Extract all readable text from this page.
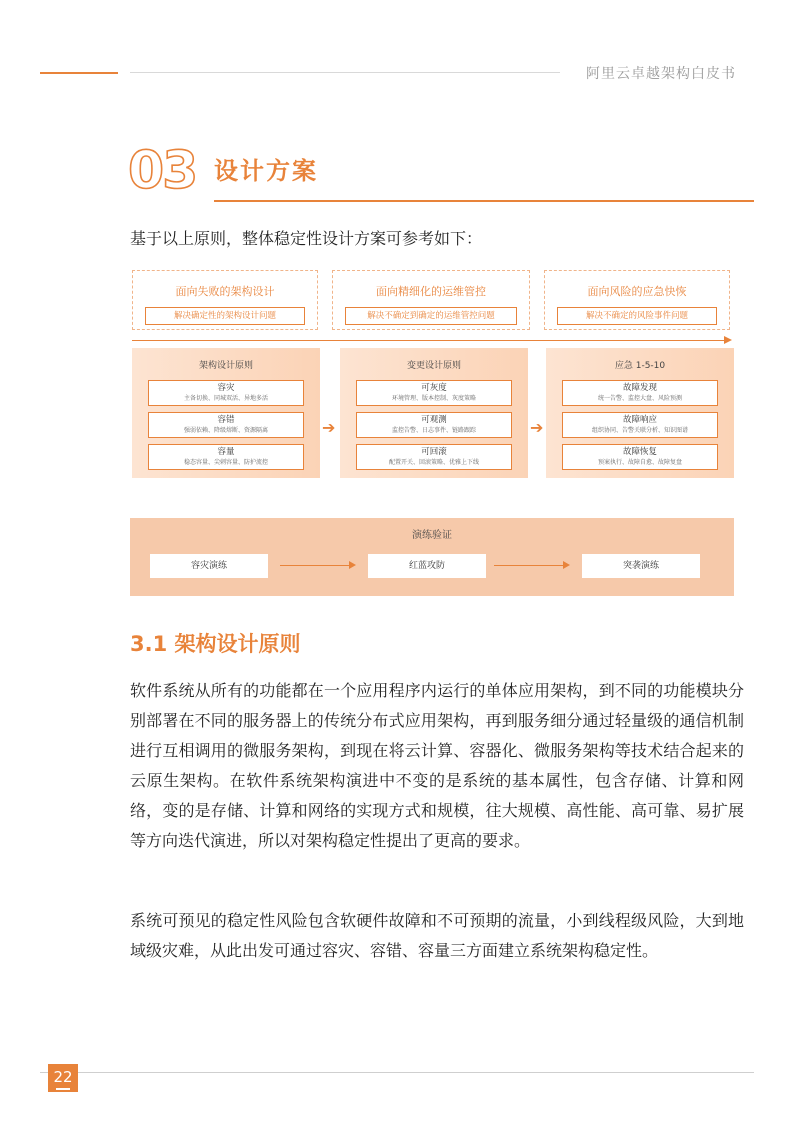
阿里云卓越架构白皮书
03 设计方案
基于以上原则，整体稳定性设计方案可参考如下：
面向失败的架构设计
解决确定性的架构设计问题
面向精细化的运维管控
解决不确定到确定的运维管控问题
面向风险的应急快恢
解决不确定的风险事件问题
架构设计原则
容灾
主备切换、同城双活、异地多活
容错
强弱依赖、降级熔断、资源隔离
容量
稳态容量、尖刺容量、防护流控
➔
变更设计原则
可灰度
环境管理、版本控制、灰度策略
可观测
监控告警、日志事件、链路跟踪
可回滚
配置开关、回滚策略、优雅上下线
➔
应急 1-5-10
故障发现
统一告警、监控大盘、风险预测
故障响应
组织协同、告警关联分析、知识图谱
故障恢复
预案执行、故障自愈、故障复盘
演练验证
容灾演练	红蓝攻防	突袭演练
3.1 架构设计原则

软件系统从所有的功能都在一个应用程序内运行的单体应用架构，到不同的功能模块分别部署在不同的服务器上的传统分布式应用架构，再到服务细分通过轻量级的通信机制进行互相调用的微服务架构，到现在将云计算、容器化、微服务架构等技术结合起来的云原生架构。在软件系统架构演进中不变的是系统的基本属性，包含存储、计算和网络，变的是存储、计算和网络的实现方式和规模，往大规模、高性能、高可靠、易扩展等方向迭代演进，所以对架构稳定性提出了更高的要求。

系统可预见的稳定性风险包含软硬件故障和不可预期的流量，小到线程级风险，大到地域级灾难，从此出发可通过容灾、容错、容量三方面建立系统架构稳定性。

22
